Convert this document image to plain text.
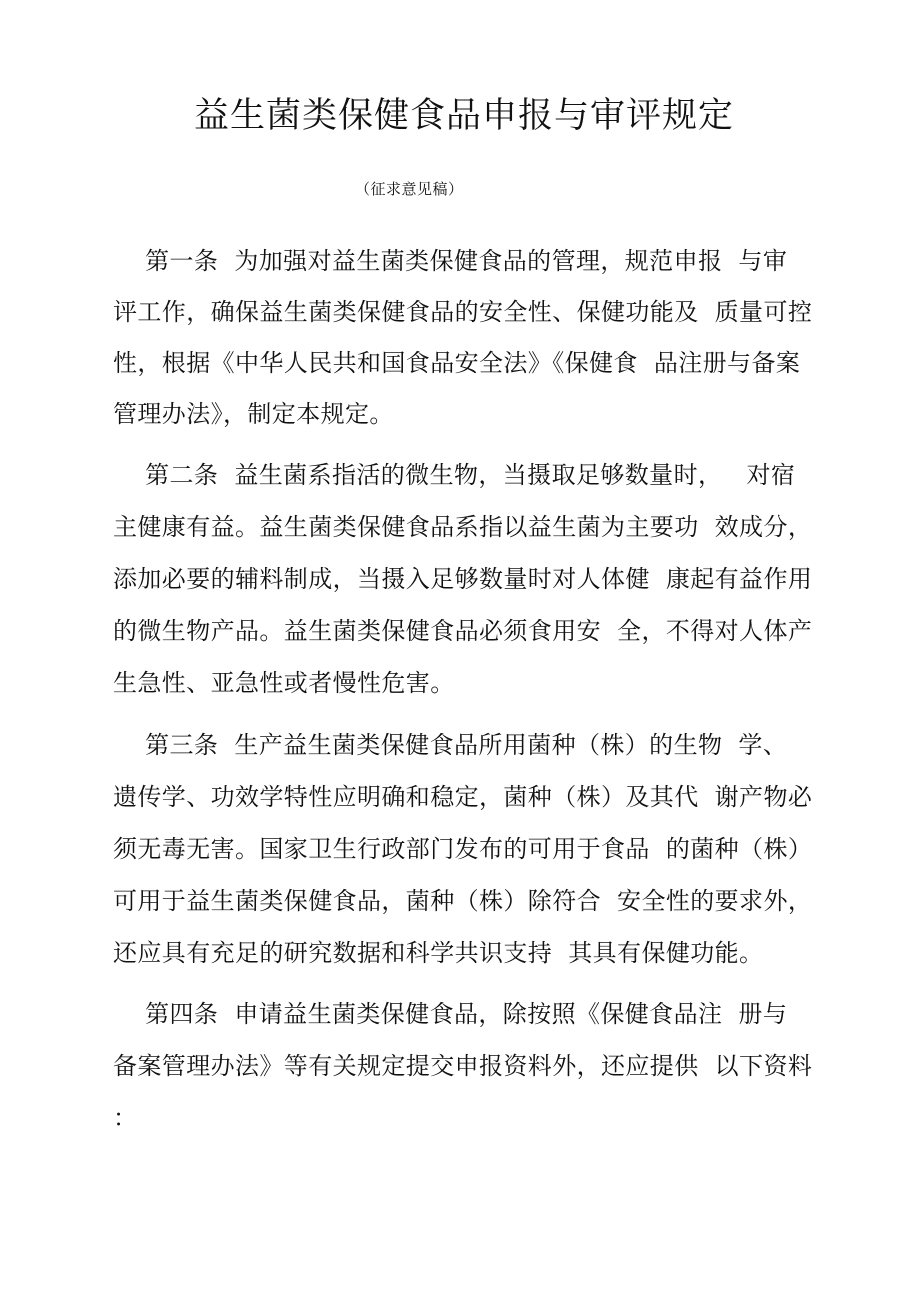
益生菌类保健食品申报与审评规定
（征求意见稿）
第一条  为加强对益生菌类保健食品的管理，规范申报  与审
评工作，确保益生菌类保健食品的安全性、保健功能及  质量可控
性，根据《中华人民共和国食品安全法》《保健食  品注册与备案
管理办法》，制定本规定。
第二条  益生菌系指活的微生物，当摄取足够数量时，   对宿
主健康有益。益生菌类保健食品系指以益生菌为主要功  效成分，
添加必要的辅料制成，当摄入足够数量时对人体健  康起有益作用
的微生物产品。益生菌类保健食品必须食用安  全，不得对人体产
生急性、亚急性或者慢性危害。
第三条  生产益生菌类保健食品所用菌种（株）的生物  学、
遗传学、功效学特性应明确和稳定，菌种（株）及其代  谢产物必
须无毒无害。国家卫生行政部门发布的可用于食品  的菌种（株）
可用于益生菌类保健食品，菌种（株）除符合  安全性的要求外，
还应具有充足的研究数据和科学共识支持  其具有保健功能。
第四条  申请益生菌类保健食品，除按照《保健食品注  册与
备案管理办法》等有关规定提交申报资料外，还应提供  以下资料
：
